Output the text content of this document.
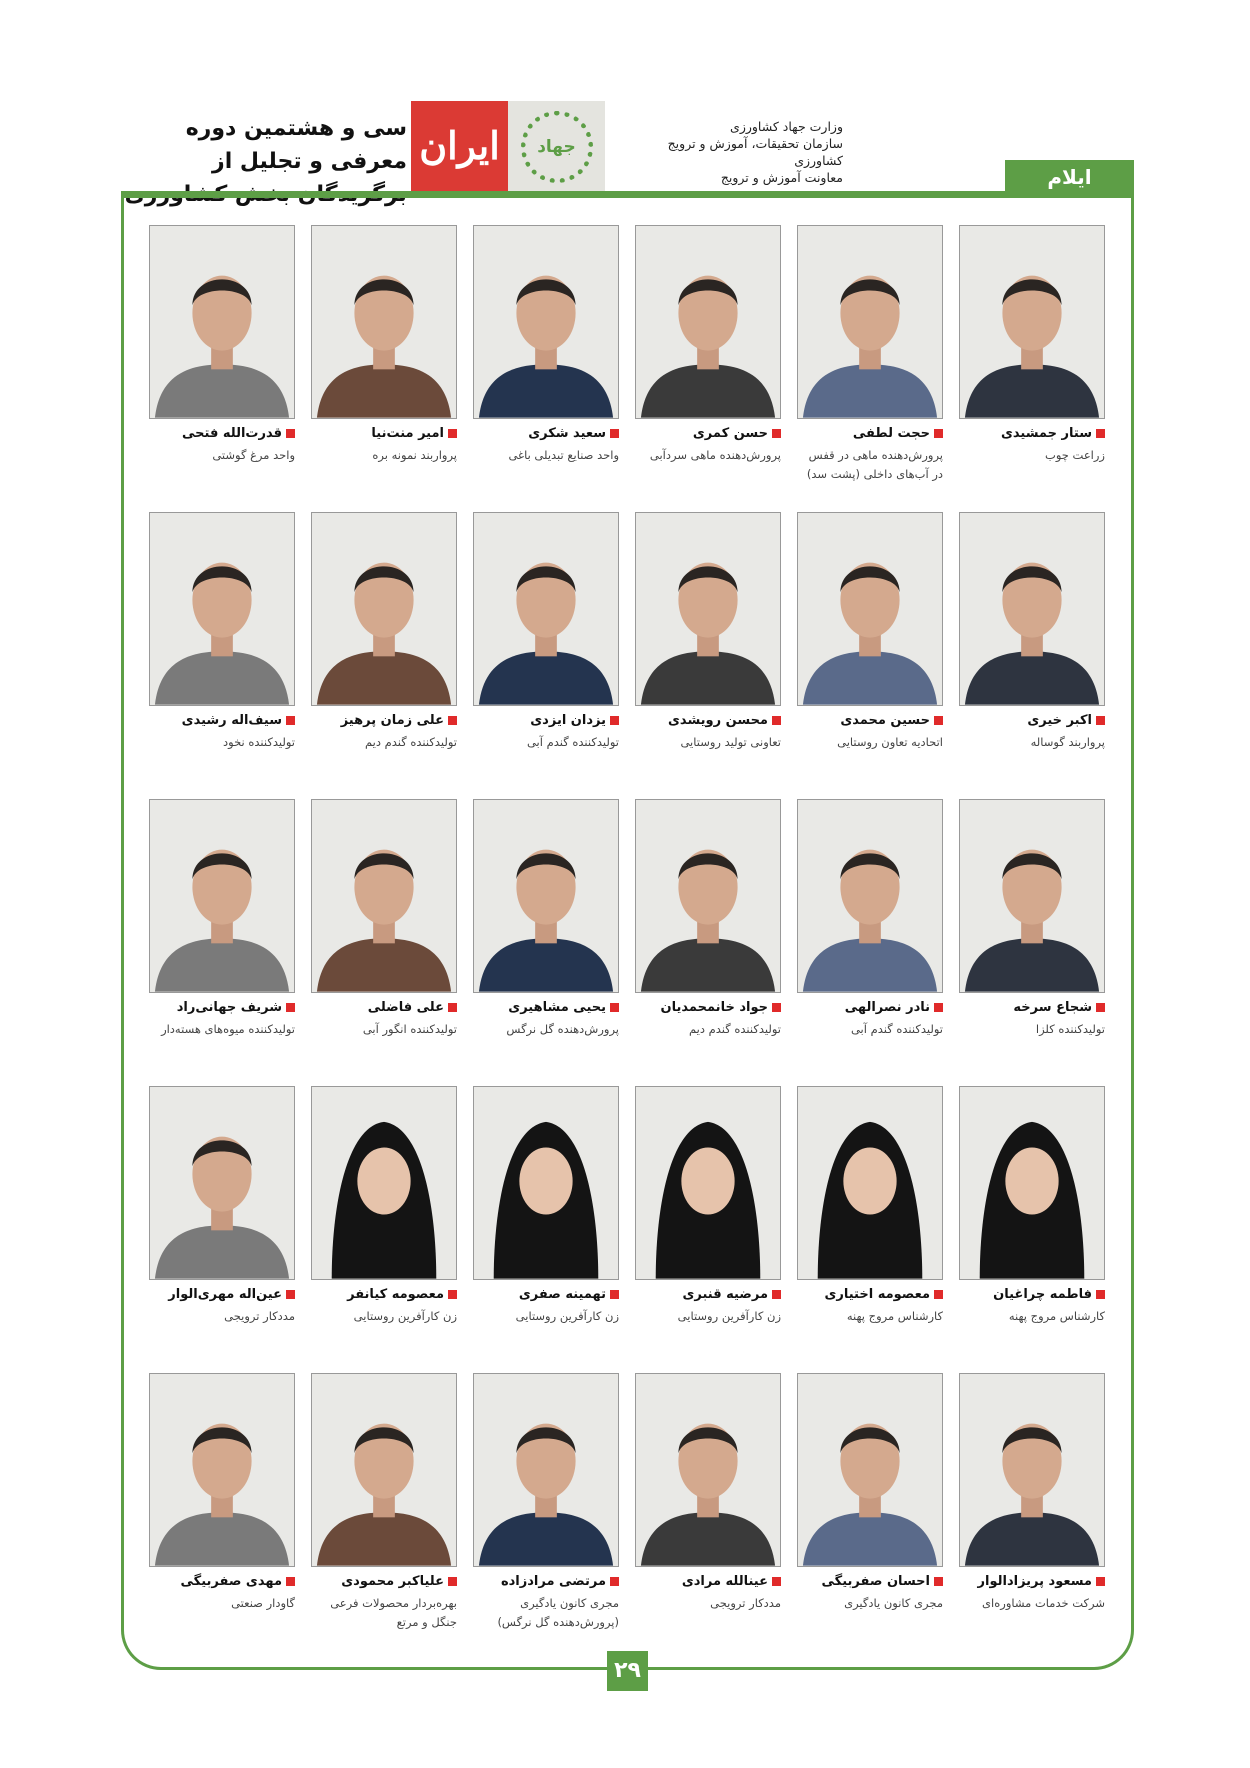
سی و هشتمین دوره معرفی و تجلیل از ایران	جهاد
وزارت جهاد کشاورزی
سازمان تحقیقات، آموزش و ترویج کشاورزی
معاونت آموزش و ترویج	ایلام
ستار جمشیدی
زراعت چوب
حجت لطفی
پرورش‌دهنده ماهی در قفس در آب‌های داخلی (پشت سد)
حسن کمری
پرورش‌دهنده ماهی سردآبی
سعید شکری
واحد صنایع تبدیلی باغی
امیر منت‌نیا
پرواربند نمونه بره
قدرت‌الله فتحی
واحد مرغ گوشتی
اکبر خیری
پرواربند گوساله
حسین محمدی
اتحادیه تعاون روستایی
محسن رویشدی
تعاونی تولید روستایی
یزدان ایزدی
تولیدکننده گندم آبی
علی زمان پرهیز
تولیدکننده گندم دیم
سیف‌اله رشیدی
تولیدکننده نخود
شجاع سرخه
تولیدکننده کلزا
نادر نصرالهی
تولیدکننده گندم آبی
جواد خانمحمدیان
تولیدکننده گندم دیم
یحیی مشاهیری
پرورش‌دهنده گل نرگس
علی فاضلی
تولیدکننده انگور آبی
شریف جهانی‌راد
تولیدکننده میوه‌های هسته‌دار
فاطمه چراغیان
کارشناس مروج پهنه
معصومه اختیاری
کارشناس مروج پهنه
مرضیه قنبری
زن کارآفرین روستایی
تهمینه صفری
زن کارآفرین روستایی
معصومه کیانفر
زن کارآفرین روستایی
عین‌اله مهری‌الوار
مددکار ترویجی
مسعود پریزادالوار
شرکت خدمات مشاوره‌ای
احسان صفربیگی
مجری کانون یادگیری
عینالله مرادی
مددکار ترویجی
مرتضی مرادزاده
مجری کانون یادگیری (پرورش‌دهنده گل نرگس)
علیاکبر محمودی
بهره‌بردار محصولات فرعی جنگل و مرتع
مهدی صفربیگی
گاودار صنعتی
۲۹
